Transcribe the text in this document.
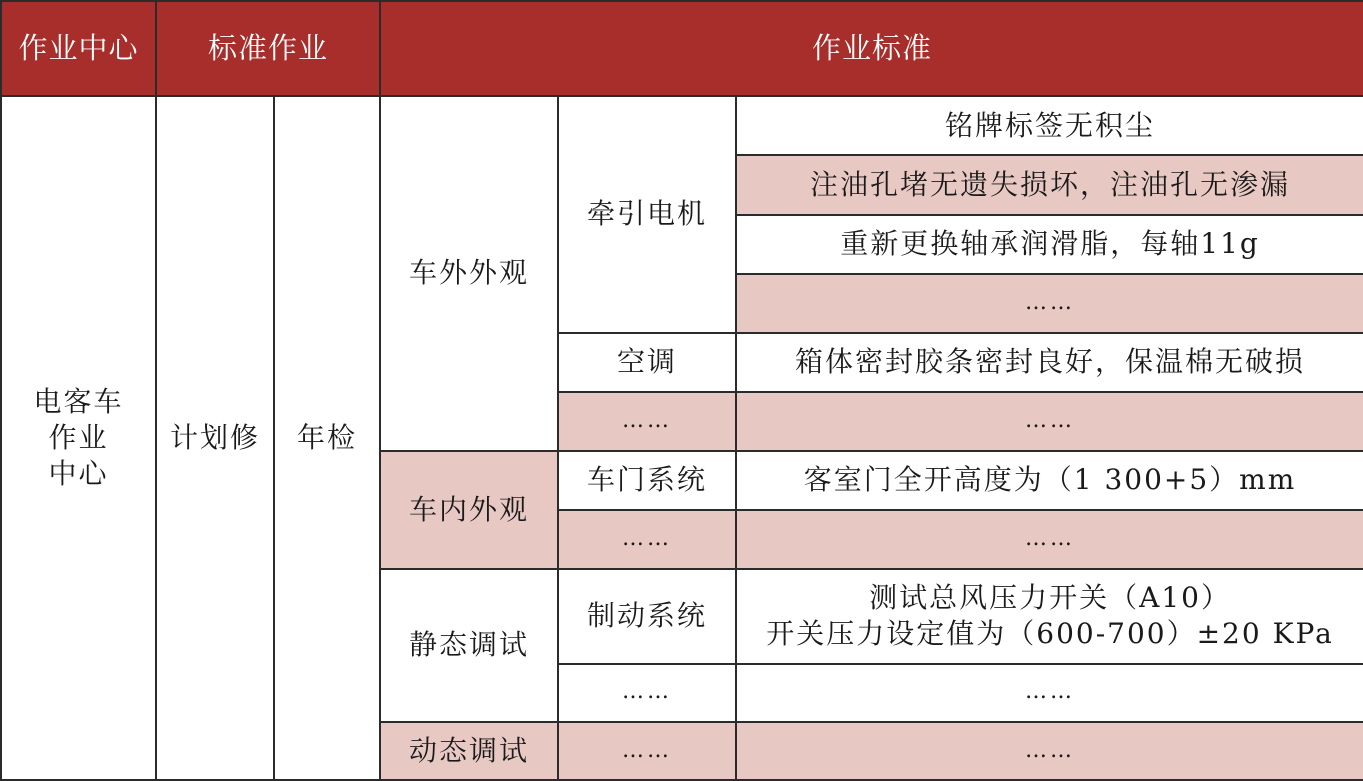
作业中心	标准作业		作业标准		

电客车
作业
中心	计划修	年检	车外外观	牵引电机	铭牌标签无积尘
					注油孔堵无遗失损坏，注油孔无渗漏
					重新更换轴承润滑脂，每轴11g
					……
				空调	箱体密封胶条密封良好，保温棉无破损
				……	……
			车内外观	车门系统	客室门全开高度为（1 300+5）mm
				……	……
			静态调试	制动系统	测试总风压力开关（A10）
开关压力设定值为（600-700）±20 KPa

				……	……
			动态调试	……	……
